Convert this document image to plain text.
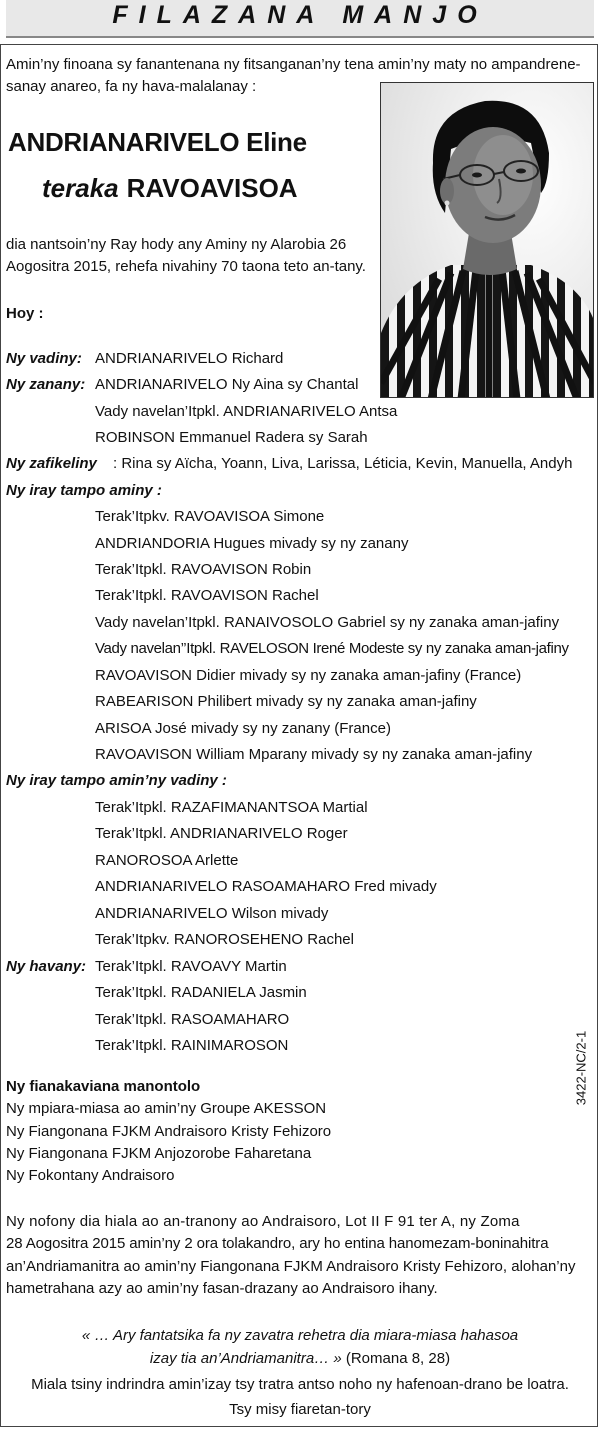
FILAZANA MANJO
Amin’ny finoana sy fanantenana ny fitsanganan’ny tena amin’ny maty no ampandrene-
sanay anareo, fa ny hava-malalanay :
ANDRIANARIVELO Eline
teraka RAVOAVISOA
dia nantsoin’ny Ray hody any Aminy ny Alarobia 26
Aogositra 2015, rehefa nivahiny 70 taona teto an-tany.
Hoy :
Ny vadiny: ANDRIANARIVELO Richard
Ny zanany: ANDRIANARIVELO Ny Aina sy Chantal
Vady navelan’Itpkl. ANDRIANARIVELO Antsa
ROBINSON Emmanuel Radera sy Sarah
Ny zafikeliny : Rina sy Aïcha, Yoann, Liva, Larissa, Léticia, Kevin, Manuella, Andyh
Ny iray tampo aminy :
Terak’Itpkv. RAVOAVISOA Simone
ANDRIANDORIA Hugues mivady sy ny zanany
Terak’Itpkl. RAVOAVISON Robin
Terak’Itpkl. RAVOAVISON Rachel
Vady navelan’Itpkl. RANAIVOSOLO Gabriel sy ny zanaka aman-jafiny
Vady navelan’’Itpkl. RAVELOSON Irené Modeste sy ny zanaka aman-jafiny
RAVOAVISON Didier mivady sy ny zanaka aman-jafiny (France)
RABEARISON Philibert mivady sy ny zanaka aman-jafiny
ARISOA José mivady sy ny zanany (France)
RAVOAVISON William Mparany mivady sy ny zanaka aman-jafiny
Ny iray tampo amin’ny vadiny :
Terak’Itpkl. RAZAFIMANANTSOA Martial
Terak’Itpkl. ANDRIANARIVELO Roger
RANOROSOA Arlette
ANDRIANARIVELO RASOAMAHARO Fred mivady
ANDRIANARIVELO Wilson mivady
Terak’Itpkv. RANOROSEHENO Rachel
Ny havany: Terak’Itpkl. RAVOAVY Martin
Terak’Itpkl. RADANIELA Jasmin
Terak’Itpkl. RASOAMAHARO
Terak’Itpkl. RAINIMAROSON	3422-NC/2-1
Ny fianakaviana manontolo
Ny mpiara-miasa ao amin’ny Groupe AKESSON
Ny Fiangonana FJKM Andraisoro Kristy Fehizoro
Ny Fiangonana FJKM Anjozorobe Faharetana
Ny Fokontany Andraisoro
Ny nofony dia hiala ao an-tranony ao Andraisoro, Lot II F 91 ter A, ny Zoma
28 Aogositra 2015 amin’ny 2 ora tolakandro, ary ho entina hanomezam-boninahitra
an’Andriamanitra ao amin’ny Fiangonana FJKM Andraisoro Kristy Fehizoro, alohan’ny
hametrahana azy ao amin’ny fasan-drazany ao Andraisoro ihany.
« … Ary fantatsika fa ny zavatra rehetra dia miara-miasa hahasoa
izay tia an’Andriamanitra… » (Romana 8, 28)
Miala tsiny indrindra amin’izay tsy tratra antso noho ny hafenoan-drano be loatra.
Tsy misy fiaretan-tory
